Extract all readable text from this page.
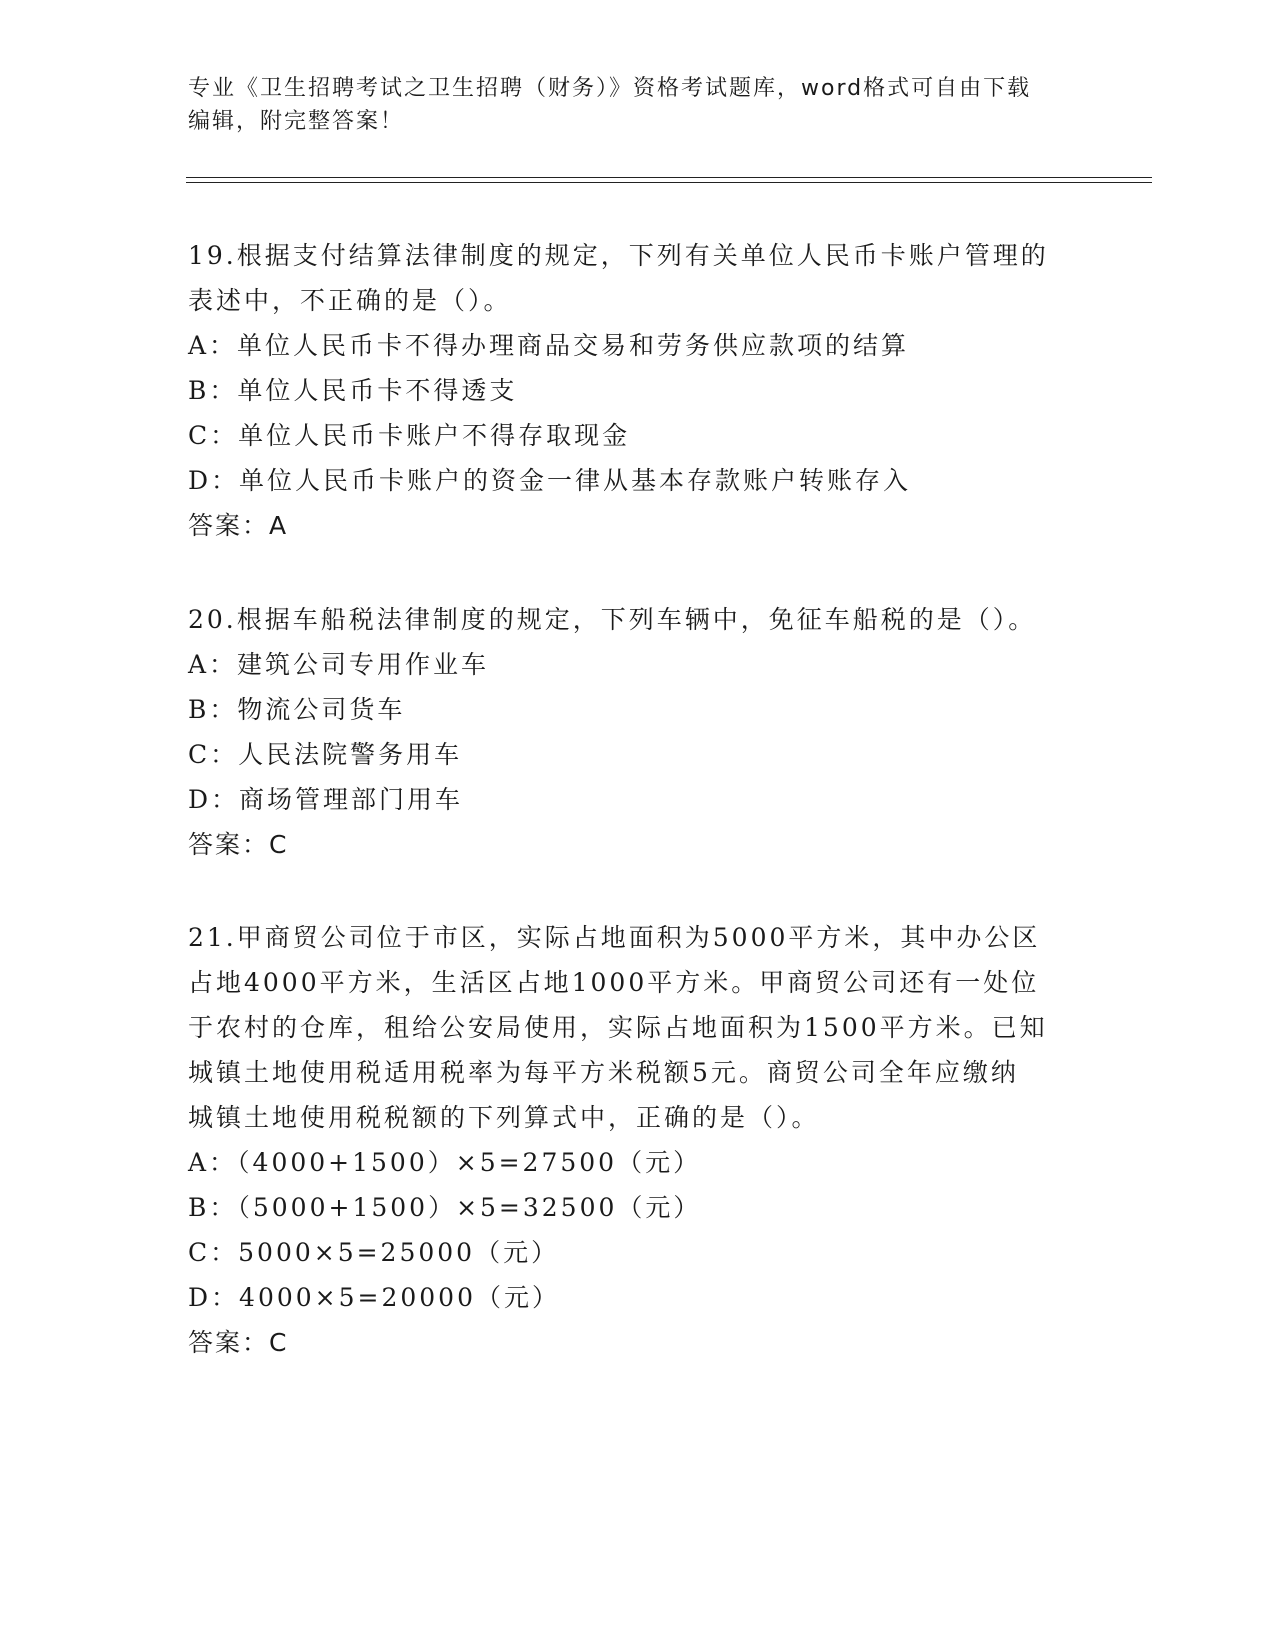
专业《卫生招聘考试之卫生招聘（财务）》资格考试题库，word格式可自由下载
编辑，附完整答案！
19.根据支付结算法律制度的规定，下列有关单位人民币卡账户管理的
表述中，不正确的是（）。
A：单位人民币卡不得办理商品交易和劳务供应款项的结算
B：单位人民币卡不得透支
C：单位人民币卡账户不得存取现金
D：单位人民币卡账户的资金一律从基本存款账户转账存入
答案：A
20.根据车船税法律制度的规定，下列车辆中，免征车船税的是（）。
A：建筑公司专用作业车
B：物流公司货车
C：人民法院警务用车
D：商场管理部门用车
答案：C
21.甲商贸公司位于市区，实际占地面积为5000平方米，其中办公区
占地4000平方米，生活区占地1000平方米。甲商贸公司还有一处位
于农村的仓库，租给公安局使用，实际占地面积为1500平方米。已知
城镇土地使用税适用税率为每平方米税额5元。商贸公司全年应缴纳
城镇土地使用税税额的下列算式中，正确的是（）。
A：（4000+1500）×5=27500（元）
B：（5000+1500）×5=32500（元）
C：5000×5=25000（元）
D：4000×5=20000（元）
答案：C
